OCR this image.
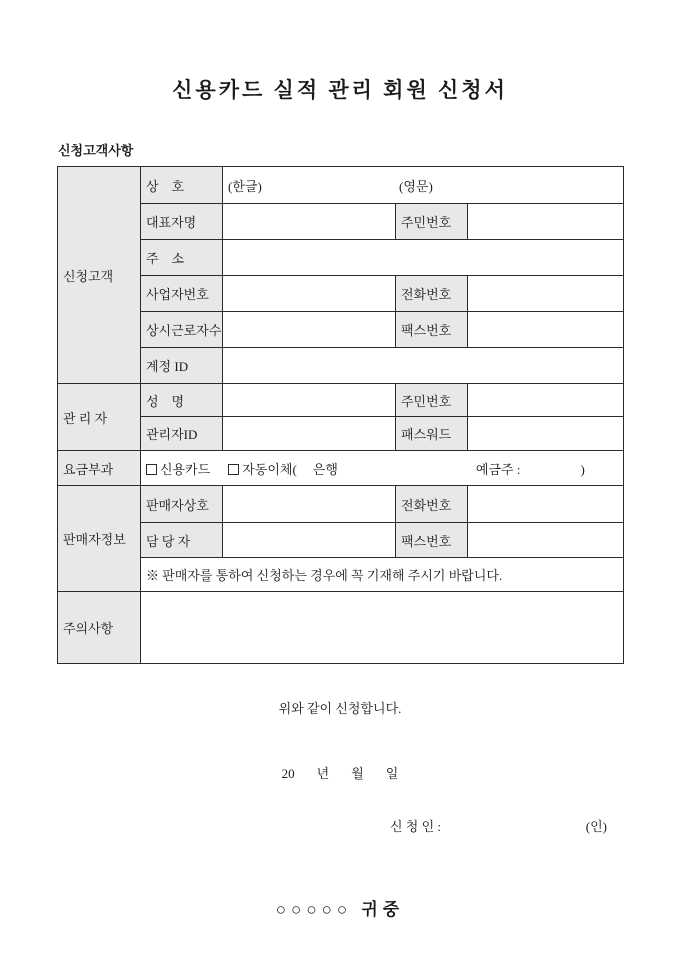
신용카드 실적 관리 회원 신청서
신청고객사항
신청고객	상    호	(한글) (영문)		
	대표자명		주민번호	
	주    소			
	사업자번호		전화번호	
	상시근로자수		팩스번호	
	계정 ID			
관 리 자	성    명		주민번호	
	관리자ID		패스워드	
요금부과	신용카드 자동이체( 은행 예금주 : )			
판매자정보	판매자상호		전화번호	
	담 당 자		팩스번호	
	※ 판매자를 통하여 신청하는 경우에 꼭 기재해 주시기 바랍니다.			
주의사항				
위와 같이 신청합니다.
20 년 월 일
신 청 인 :	(인)
○○○○○ 귀중
